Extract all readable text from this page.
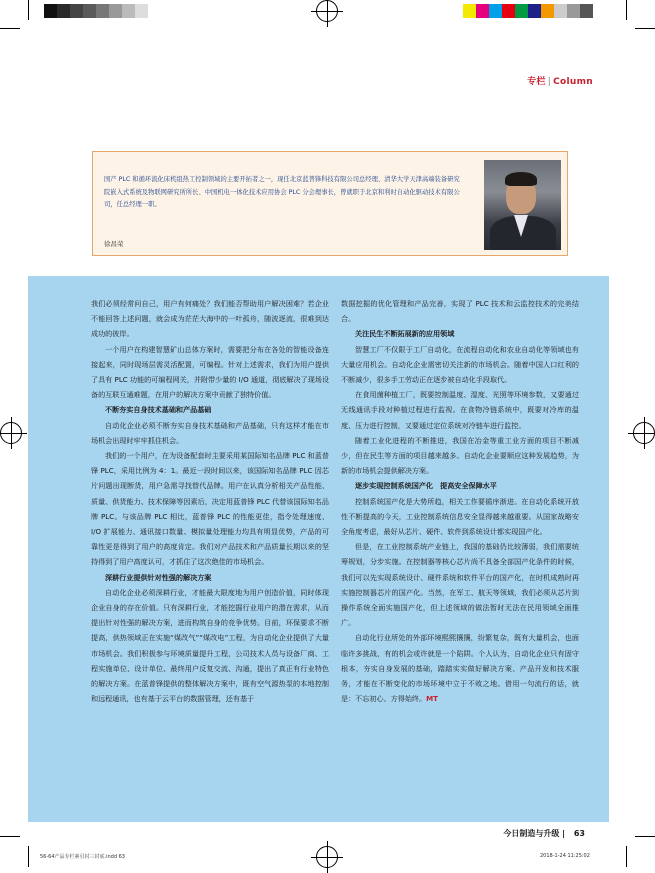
专栏 | Column
国产 PLC 和循环流化床机组热工控制领域的主要开拓者之一，现任北京蓝普锋科技有限公司总经理、清华大学天津高端装备研究院嵌入式系统及物联网研究所所长、中国机电一体化技术应用协会 PLC 分会理事长，曾就职于北京和利时自动化驱动技术有限公司，任总经理一职。
徐昌荣

我们必须经常问自己，用户有何痛处？我们能否帮助用户解决困难？若企业不能回答上述问题，就会成为茫茫大海中的一叶孤舟，随波逐流，很难到达成功的彼岸。

一个用户在构建智慧矿山总体方案时，需要把分布在各处的智能设备连接起来，同时现场层需灵活配置，可编程。针对上述需求，我们为用户提供了具有 PLC 功能的可编程网关，并附带少量的 I/O 通道，彻底解决了现场设备的互联互通难题，在用户的解决方案中贡献了独特价值。

不断夯实自身技术基础和产品基础

自动化企业必须不断夯实自身技术基础和产品基础，只有这样才能在市场机会出现时牢牢抓住机会。

我们的一个用户，在为设备配套时主要采用某国际知名品牌 PLC 和蓝普锋 PLC，采用比例为 4：1。最近一段时间以来，该国际知名品牌 PLC 因芯片问题出现断货，用户急需寻找替代品牌。用户在认真分析相关产品性能、质量、供货能力、技术保障等因素后，决定用蓝普锋 PLC 代替该国际知名品牌 PLC。与该品牌 PLC 相比，蓝普锋 PLC 的性能更佳，指令处理速度、I/O 扩展能力、通讯接口数量、模拟量处理能力均具有明显优势，产品的可靠性更是得到了用户的高度肯定。我们对产品技术和产品质量长期以来的坚持得到了用户高度认可，才抓住了这次绝佳的市场机会。

深耕行业提供针对性强的解决方案

自动化企业必须深耕行业，才能最大限度地为用户创造价值，同时体现企业自身的存在价值。只有深耕行业，才能挖掘行业用户的潜在需求，从而提出针对性强的解决方案，进而构筑自身的竞争优势。目前，环保要求不断提高，供热领域正在实施“煤改气”“煤改电”工程，为自动化企业提供了大量市场机会。我们积极参与环境质量提升工程，公司技术人员与设备厂商、工程实施单位、设计单位、最终用户反复交流、沟通，提出了真正有行业特色的解决方案。在蓝普锋提供的整体解决方案中，既有空气源热泵的本地控制和远程通讯，也有基于云平台的数据管理，还有基于

数据挖掘的优化管理和产品完善，实现了 PLC 技术和云监控技术的完美结合。

关注民生不断拓展新的应用领域

智慧工厂不仅限于工厂自动化，在流程自动化和农业自动化等领域也有大量应用机会。自动化企业需密切关注新的市场机会。随着中国人口红利的不断减少，很多手工劳动正在逐步被自动化手段取代。

在食用菌种植工厂，既要控制温度、湿度、光照等环境参数，又要通过无线通讯手段对种植过程进行监视。在食物冷链系统中，既要对冷库的温度、压力进行控制，又要通过定位系统对冷链车进行监控。

随着工业化进程的不断推进，我国在冶金等重工业方面的项目不断减少，但在民生等方面的项目越来越多。自动化企业要顺应这种发展趋势，为新的市场机会提供解决方案。

逐步实现控制系统国产化　提高安全保障水平

控制系统国产化是大势所趋，相关工作要循序渐进。在自动化系统开放性不断提高的今天，工业控制系统信息安全显得越来越重要。从国家战略安全角度考虑，最好从芯片、硬件、软件到系统设计都实现国产化。

但是，在工业控制系统产业链上，我国的基础仍比较薄弱，我们需要统筹规划，分步实施。在控制器等核心芯片尚不具备全部国产化条件的时候，我们可以先实现系统设计、硬件系统和软件平台的国产化，在时机成熟时再实施控制器芯片的国产化。当然，在军工、航天等领域，我们必须从芯片到操作系统全面实施国产化，但上述领域的做法暂时无法在民用领域全面推广。

自动化行业所处的外部环境熙熙攘攘，纷繁复杂，既有大量机会，也面临许多挑战，有的机会或许就是一个陷阱。个人认为，自动化企业只有固守根本，夯实自身发展的基础，踏踏实实做好解决方案、产品开发和技术服务，才能在不断变化的市场环境中立于不败之地。借用一句流行的话，就是：不忘初心、方得始终。MT

今日制造与升级 | 63
56-64产品专栏素引封三封底.indd 63	2018-1-24 11:25:02
